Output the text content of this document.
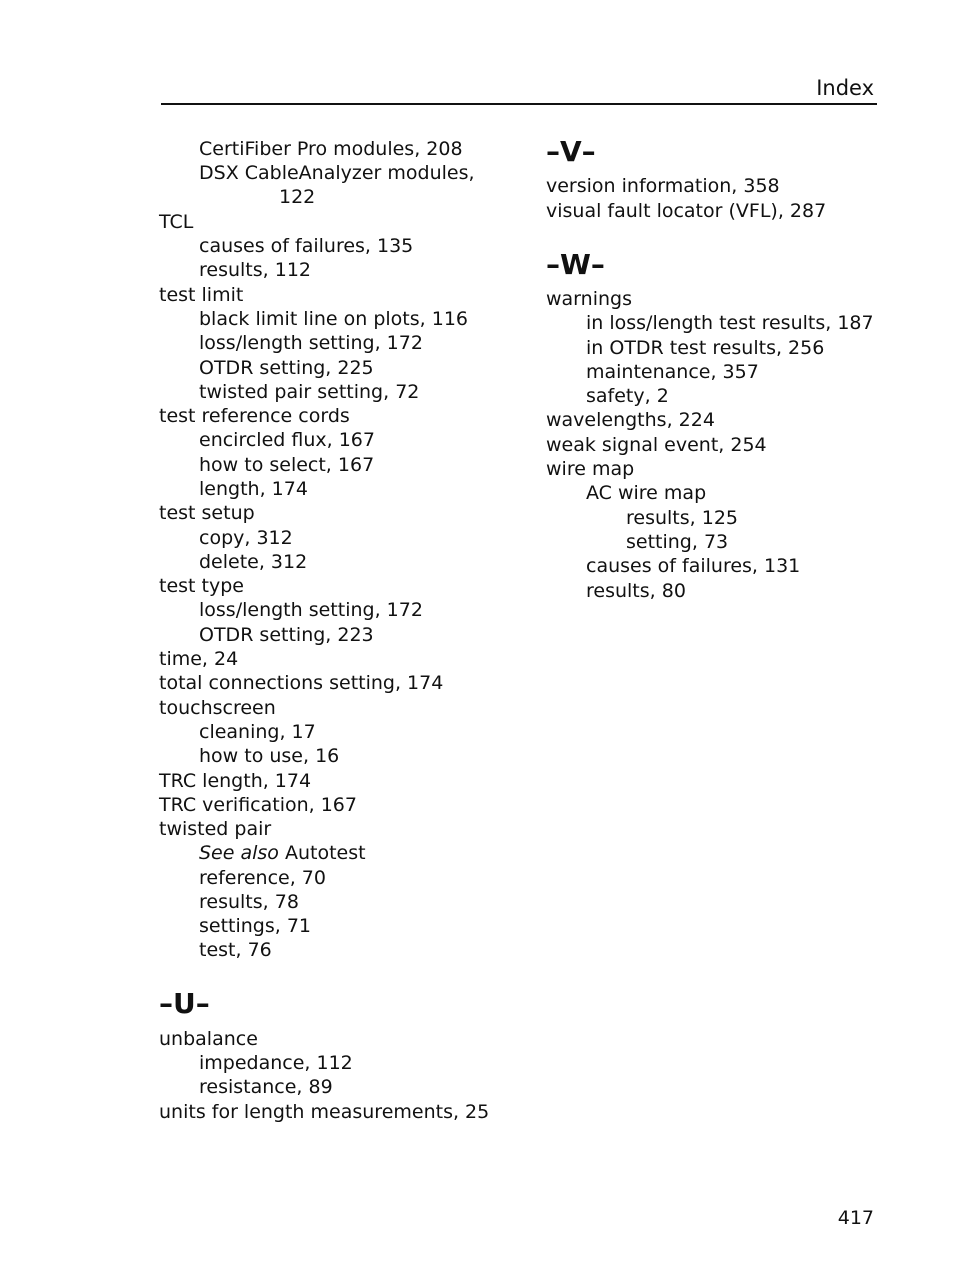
Index
CertiFiber Pro modules, 208
DSX CableAnalyzer modules,
122
TCL
causes of failures, 135
results, 112
test limit
black limit line on plots, 116
loss/length setting, 172
OTDR setting, 225
twisted pair setting, 72
test reference cords
encircled flux, 167
how to select, 167
length, 174
test setup
copy, 312
delete, 312
test type
loss/length setting, 172
OTDR setting, 223
time, 24
total connections setting, 174
touchscreen
cleaning, 17
how to use, 16
TRC length, 174
TRC verification, 167
twisted pair
See also Autotest
reference, 70
results, 78
settings, 71
test, 76
–U–
unbalance
impedance, 112
resistance, 89
units for length measurements, 25
–V–
version information, 358
visual fault locator (VFL), 287
–W–
warnings
in loss/length test results, 187
in OTDR test results, 256
maintenance, 357
safety, 2
wavelengths, 224
weak signal event, 254
wire map
AC wire map
results, 125
setting, 73
causes of failures, 131
results, 80
417
